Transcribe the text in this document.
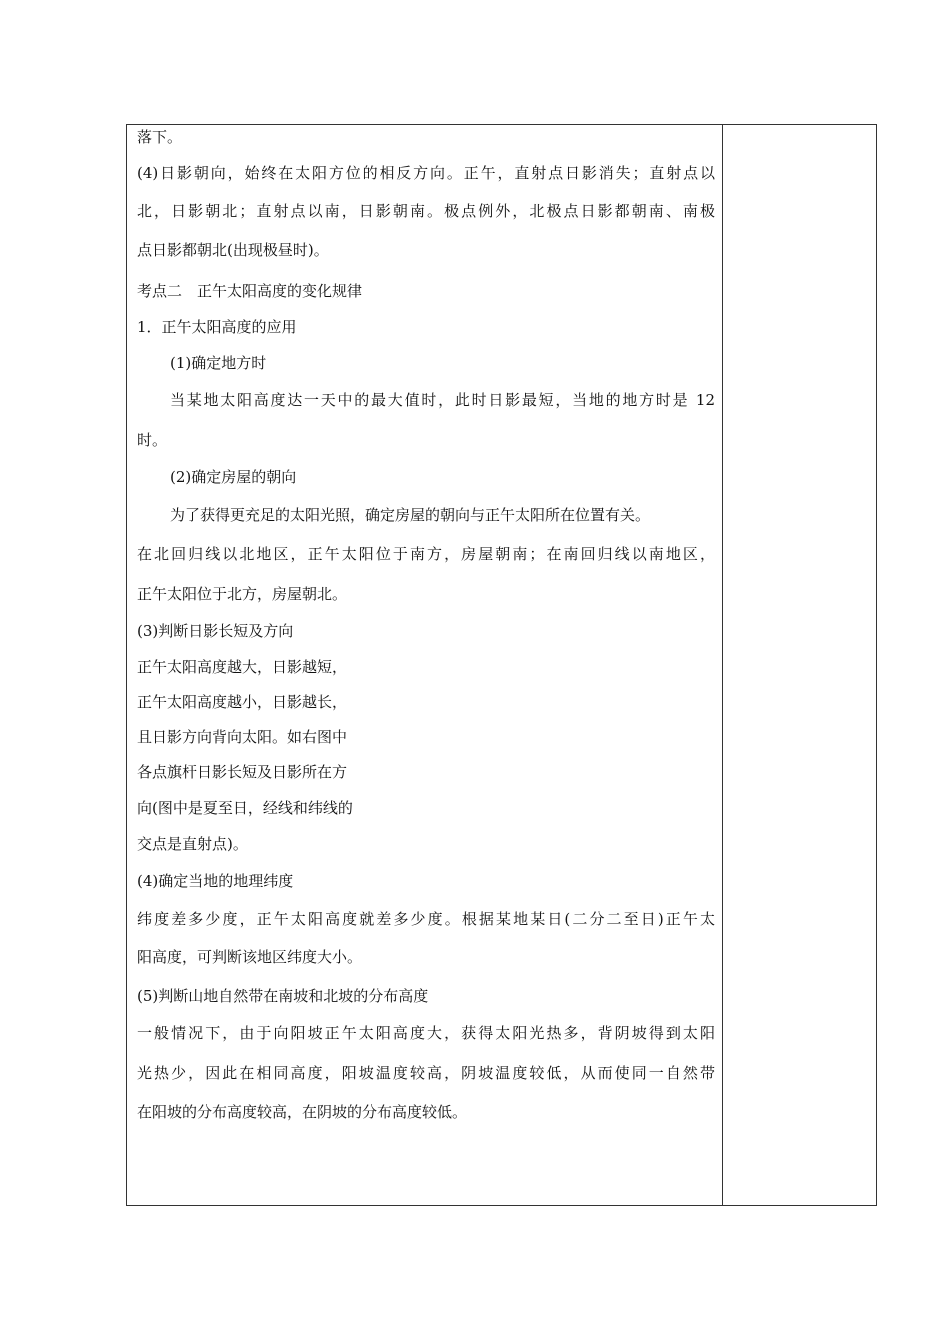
落下。
(4)日影朝向，始终在太阳方位的相反方向。正午，直射点日影消失；直射点以
北，日影朝北；直射点以南，日影朝南。极点例外，北极点日影都朝南、南极
点日影都朝北(出现极昼时)。
考点二　正午太阳高度的变化规律
1．正午太阳高度的应用
(1)确定地方时
当某地太阳高度达一天中的最大值时，此时日影最短，当地的地方时是 12
时。
(2)确定房屋的朝向
为了获得更充足的太阳光照，确定房屋的朝向与正午太阳所在位置有关。
在北回归线以北地区，正午太阳位于南方，房屋朝南；在南回归线以南地区，
正午太阳位于北方，房屋朝北。
(3)判断日影长短及方向
正午太阳高度越大，日影越短，
正午太阳高度越小，日影越长，
且日影方向背向太阳。如右图中
各点旗杆日影长短及日影所在方
向(图中是夏至日，经线和纬线的
交点是直射点)。
(4)确定当地的地理纬度
纬度差多少度，正午太阳高度就差多少度。根据某地某日(二分二至日)正午太
阳高度，可判断该地区纬度大小。
(5)判断山地自然带在南坡和北坡的分布高度
一般情况下，由于向阳坡正午太阳高度大，获得太阳光热多，背阴坡得到太阳
光热少，因此在相同高度，阳坡温度较高，阴坡温度较低，从而使同一自然带
在阳坡的分布高度较高，在阴坡的分布高度较低。
